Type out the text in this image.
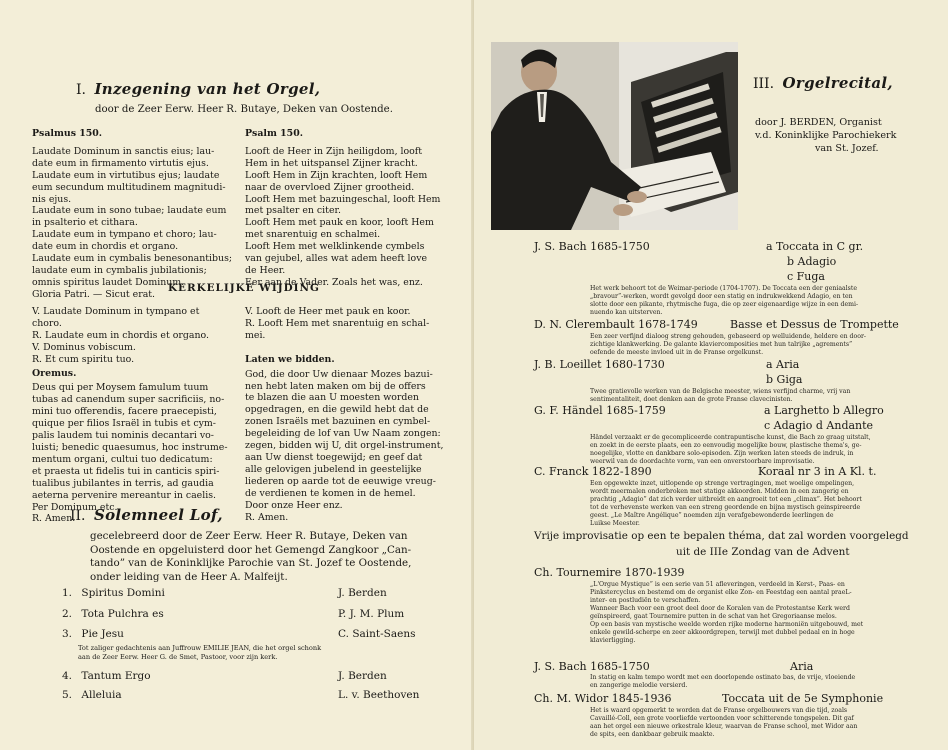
I. Inzegening van het Orgel,
door de Zeer Eerw. Heer R. Butaye, Deken van Oostende.
Psalmus 150.
Laudate Dominum in sanctis eius; lau-
date eum in firmamento virtutis ejus.
Laudate eum in virtutibus ejus; laudate
eum secundum multitudinem magnitudi-
nis ejus.
Laudate eum in sono tubae; laudate eum
in psalterio et cithara.
Laudate eum in tympano et choro; lau-
date eum in chordis et organo.
Laudate eum in cymbalis benesonantibus;
laudate eum in cymbalis jubilationis;
omnis spiritus laudet Dominum.
Gloria Patri. — Sicut erat.
Psalm 150.
Looft de Heer in Zijn heiligdom, looft
Hem in het uitspansel Zijner kracht.
Looft Hem in Zijn krachten, looft Hem
naar de overvloed Zijner grootheid.
Looft Hem met bazuingeschal, looft Hem
met psalter en citer.
Looft Hem met pauk en koor, looft Hem
met snarentuig en schalmei.
Looft Hem met welklinkende cymbels
van gejubel, alles wat adem heeft love
de Heer.
Eer aan de Vader. Zoals het was, enz.
KERKELIJKE WIJDING
V. Laudate Dominum in tympano et
choro.
R. Laudate eum in chordis et organo.
V. Dominus vobiscum.
R. Et cum spiritu tuo.
Oremus.
Deus qui per Moysem famulum tuum
tubas ad canendum super sacrificiis, no-
mini tuo offerendis, facere praecepisti,
quique per filios Israël in tubis et cym-
palis laudem tui nominis decantari vo-
luisti; benedic quaesumus, hoc instrume-
mentum organi, cultui tuo dedicatum:
et praesta ut fidelis tui in canticis spiri-
tualibus jubilantes in terris, ad gaudia
aeterna pervenire mereantur in caelis.
Per Dominum etc.
R. Amen.
V. Looft de Heer met pauk en koor.
R. Looft Hem met snarentuig en schal-
mei.
Laten we bidden.
God, die door Uw dienaar Mozes bazui-
nen hebt laten maken om bij de offers
te blazen die aan U moesten worden
opgedragen, en die gewild hebt dat de
zonen Israëls met bazuinen en cymbel-
begeleiding de lof van Uw Naam zongen:
zegen, bidden wij U, dit orgel-instrument,
aan Uw dienst toegewijd; en geef dat
alle gelovigen jubelend in geestelijke
liederen op aarde tot de eeuwige vreug-
de verdienen te komen in de hemel.
Door onze Heer enz.
R. Amen.
II. Solemneel Lof,
gecelebreerd door de Zeer Eerw. Heer R. Butaye, Deken van
Oostende en opgeluisterd door het Gemengd Zangkoor „Can-
tando” van de Koninklijke Parochie van St. Jozef te Oostende,
onder leiding van de Heer A. Malfeijt.
1. Spiritus Domini	J. Berden
2. Tota Pulchra es	P. J. M. Plum
3. Pie Jesu	C. Saint-Saens
Tot zaliger gedachtenis aan Juffrouw EMILIE JEAN, die het orgel schonk
aan de Zeer Eerw. Heer G. de Smet, Pastoor, voor zijn kerk.
4. Tantum Ergo	J. Berden
5. Alleluia	L. v. Beethoven
III. Orgelrecital,
door J. BERDEN, Organist
v.d. Koninklijke Parochiekerk
van St. Jozef.
J. S. Bach 1685-1750	a Toccata in C gr.
b Adagio
c Fuga
Het werk behoort tot de Weimar-periode (1704-1707). De Toccata een der geniaalste
„bravour”-werken, wordt gevolgd door een statig en indrukwekkend Adagio, en ten
slotte door een pikante, rhytmische fuga, die op zeer eigenaardige wijze in een demi-
nuendo kan uitsterven.
D. N. Clerembault 1678-1749	Basse et Dessus de Trompette
Een zeer verfijnd dialoog streng gehouden, gebaseerd op welluidende, heldere en door-
zichtige klankwerking. De galante klaviercomposities met hun talrijke „agrements”
oefende de meeste invloed uit in de Franse orgelkunst.
J. B. Loeillet 1680-1730	a Aria
b Giga
Twee gratievolle werken van de Belgische meester, wiens verfijnd charme, vrij van
sentimentaliteit, doet denken aan de grote Franse clavecinisten.
G. F. Händel 1685-1759	a Larghetto b Allegro
c Adagio d Andante
Händel verzaakt er de gecompliceerde contrapuntische kunst, die Bach zo graag uitstalt,
en zoekt in de eerste plaats, een zo eenvoudig mogelijke bouw, plastische thema's, ge-
noegelijke, vlotte en dankbare solo-episoden. Zijn werken laten steeds de indruk, in
weerwil van de doordachte vorm, van een onverstoorbare improvisatie.
C. Franck 1822-1890	Koraal nr 3 in A Kl. t.
Een opgewekte inzet, uitlopende op strenge vertragingen, met woelige ompelingen,
wordt meermalen onderbroken met statige akkoorden. Midden in een zangerig en
prachtig „Adagio” dat zich verder uitbreidt en aangroeit tot een „climax”. Het behoort
tot de verhevenste werken van een streng geordende en bijna mystisch geinspireerde
geest. „Le Maître Angélique” noemden zijn verafgebewonderde leerlingen de
Luikse Meester.
Vrije improvisatie op een te bepalen théma, dat zal worden voorgelegd
uit de IIIe Zondag van de Advent
Ch. Tournemire 1870-1939
„L'Orgue Mystique” is een serie van 51 afleveringen, verdeeld in Kerst-, Paas- en
Pinkstercyclus en bestemd om de organist elke Zon- en Feestdag een aantal praeL-
inter- en postludiën te verschaffen.
Wanneer Bach voor een groot deel door de Koralen van de Protestantse Kerk werd
geïnspireerd, gaat Tournemire putten in de schat van het Gregoriaanse melos.
Op een basis van mystische weelde worden rijke moderne harmoniën uitgebouwd, met
enkele gewild-scherpe en zeer akkoordgrepen, terwijl met dubbel pedaal en in hoge
klavierligging.
J. S. Bach 1685-1750	Aria
In statig en kalm tempo wordt met een doorlopende ostinato bas, de vrije, vloeiende
en zangerige melodie versierd.
Ch. M. Widor 1845-1936	Toccata uit de 5e Symphonie
Het is waard opgemerkt te worden dat de Franse orgelbouwers van die tijd, zoals
Cavaillé-Coll, een grote voorliefde vertoonden voor schitterende tongspelen. Dit gaf
aan het orgel een nieuwe orkestrale kleur, waarvan de Franse school, met Widor aan
de spits, een dankbaar gebruik maakte.
